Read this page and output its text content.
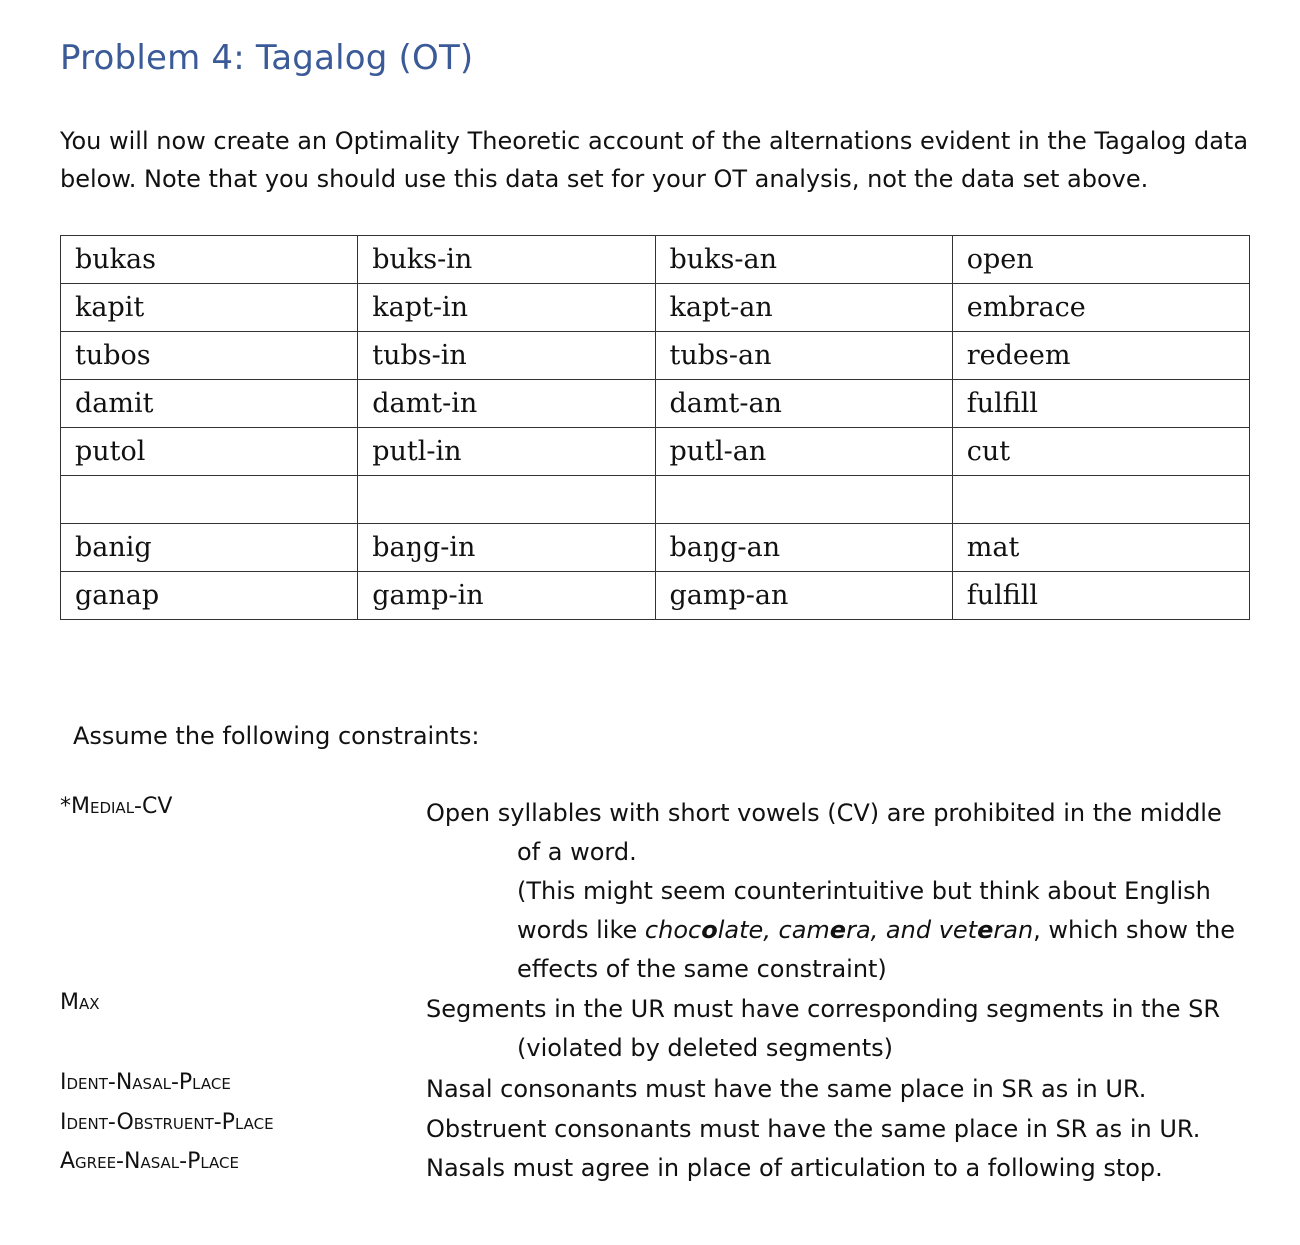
Problem 4: Tagalog (OT)

You will now create an Optimality Theoretic account of the alternations evident in the Tagalog data below. Note that you should use this data set for your OT analysis, not the data set above.

bukas	buks-in	buks-an	open
kapit	kapt-in	kapt-an	embrace
tubos	tubs-in	tubs-an	redeem
damit	damt-in	damt-an	fulfill
putol	putl-in	putl-an	cut

banig	baŋg-in	baŋg-an	mat
ganap	gamp-in	gamp-an	fulfill

Assume the following constraints:

*Medial-CV	Open syllables with short vowels (CV) are prohibited in the middle
of a word.
(This might seem counterintuitive but think about English words like chocolate, camera, and veteran, which show the effects of the same constraint)
Max	Segments in the UR must have corresponding segments in the SR
(violated by deleted segments)
Ident-Nasal-Place	Nasal consonants must have the same place in SR as in UR.
Ident-Obstruent-Place	Obstruent consonants must have the same place in SR as in UR.
Agree-Nasal-Place	Nasals must agree in place of articulation to a following stop.
